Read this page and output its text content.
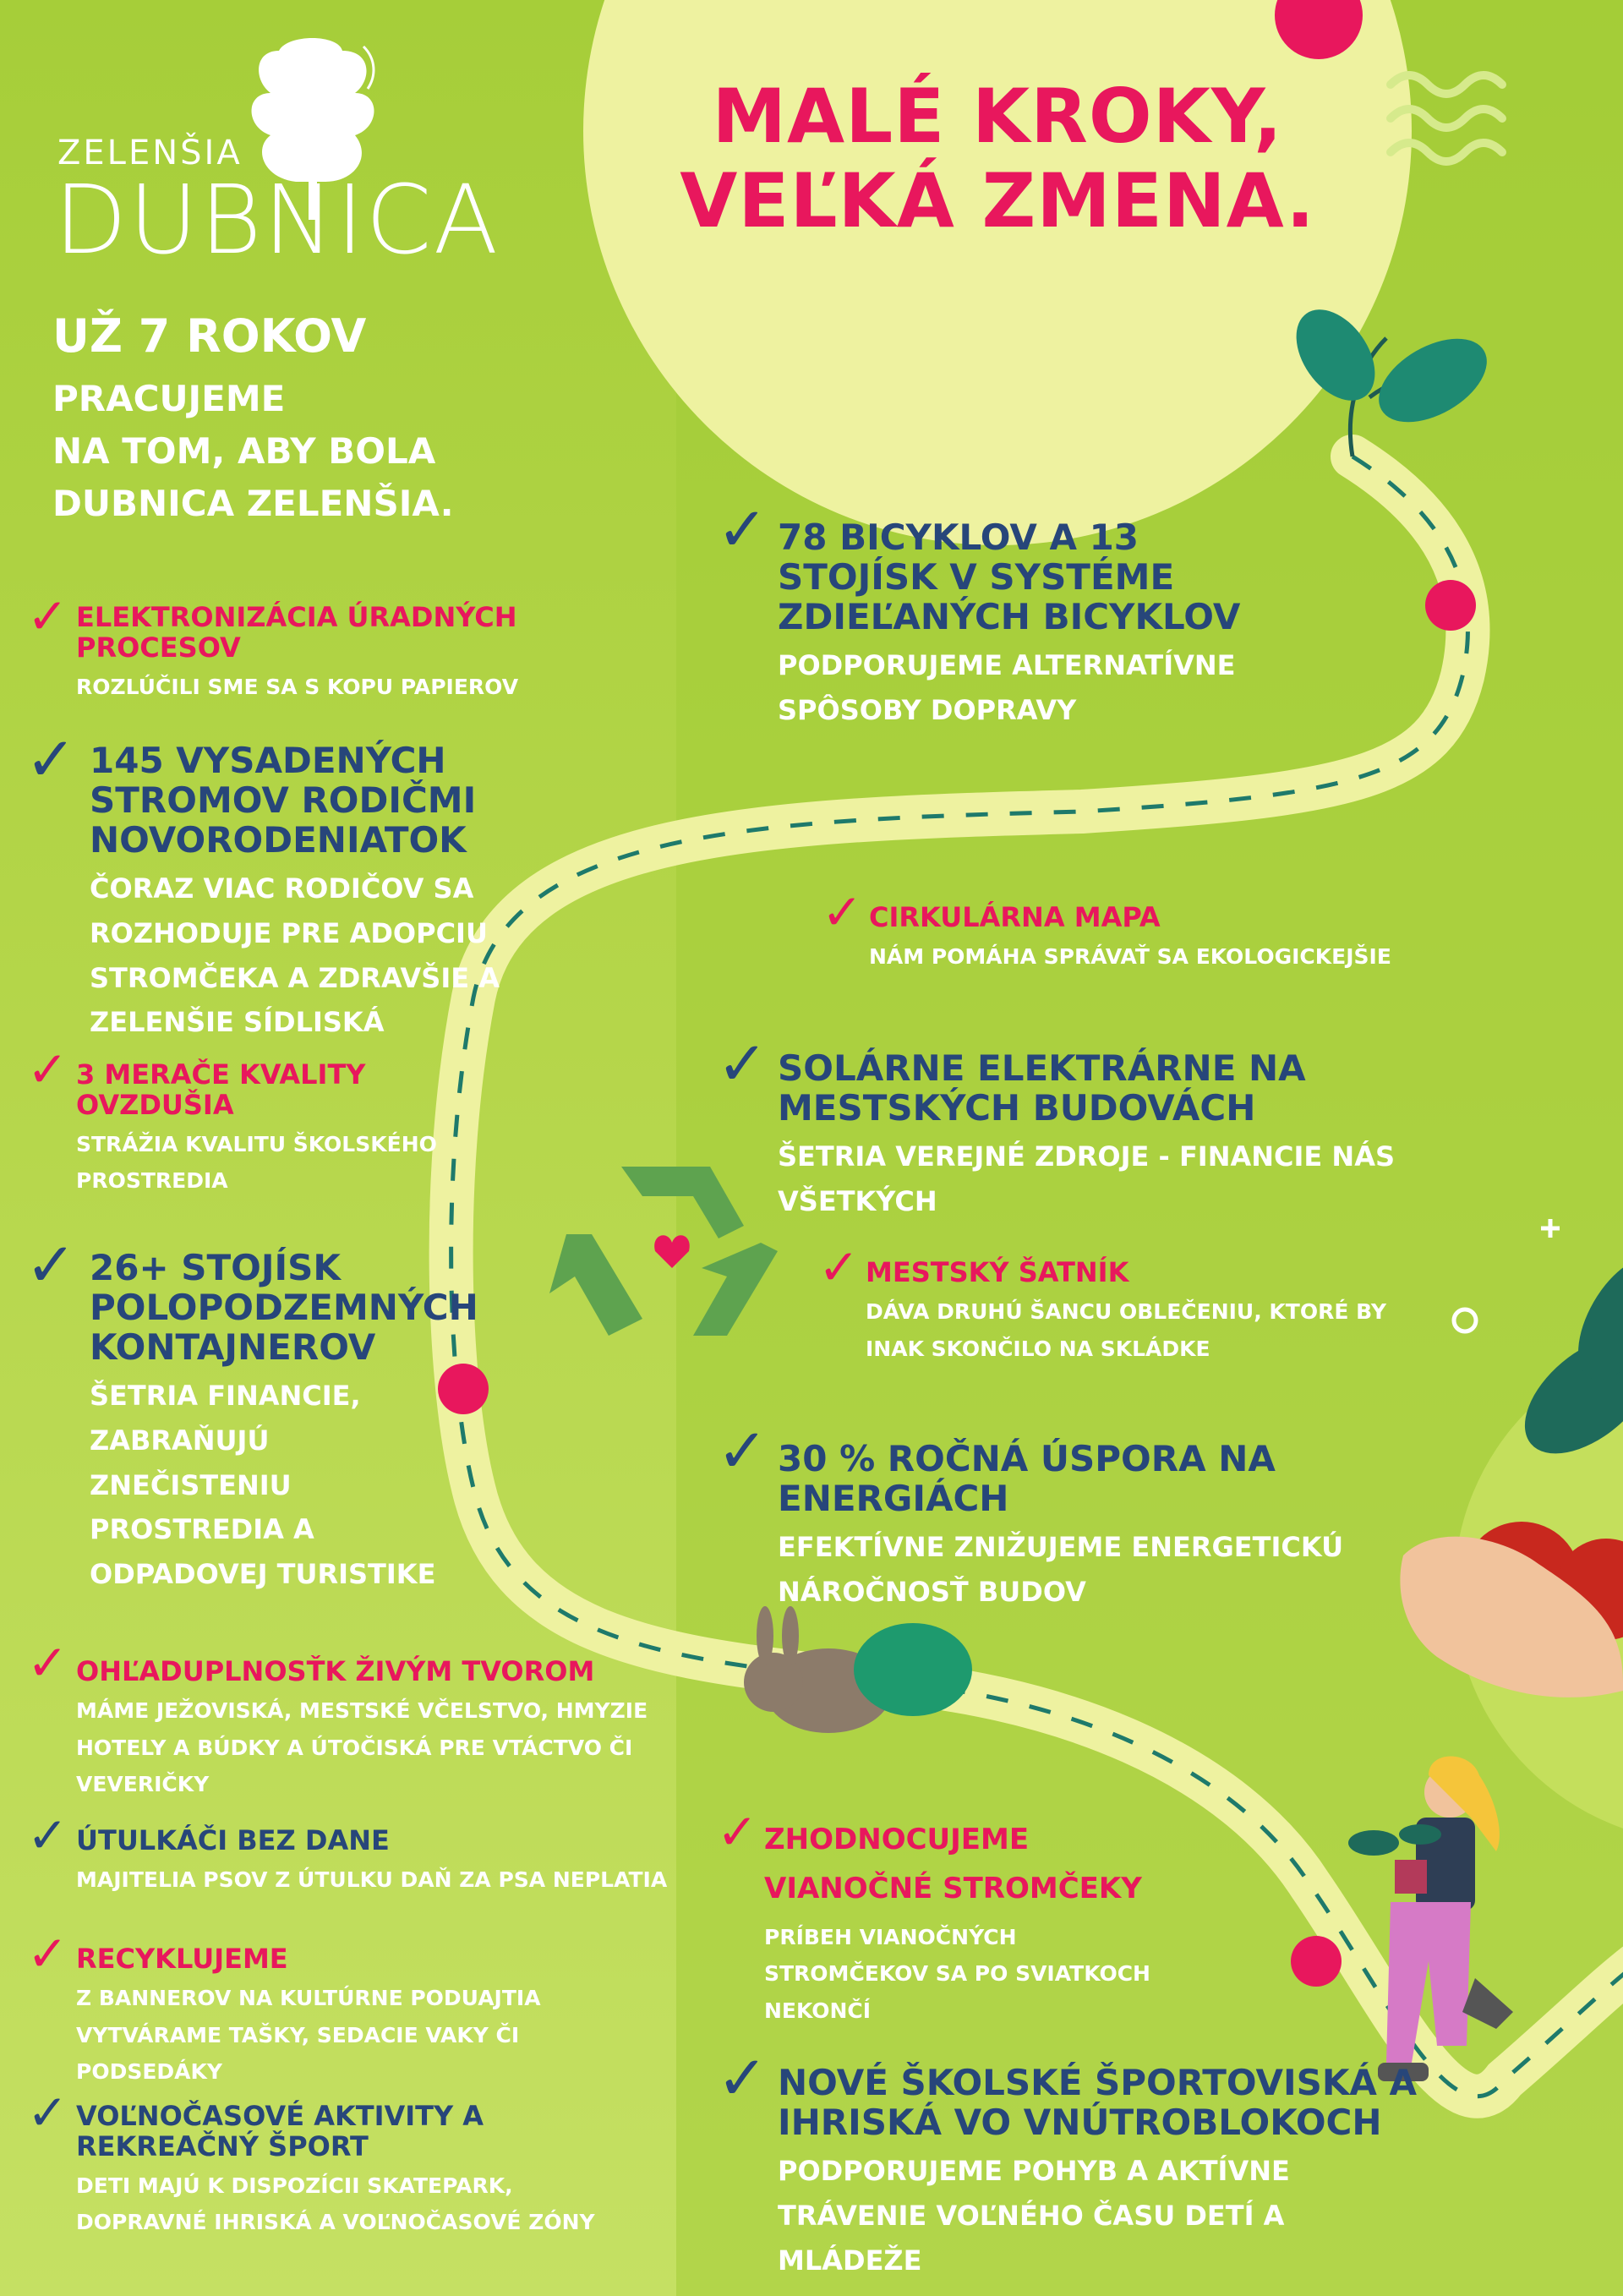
ZELENŠIA
DUBNICA
MALÉ KROKY,
VEĽKÁ ZMENA.
UŽ 7 ROKOV
PRACUJEME
NA TOM, ABY BOLA
DUBNICA ZELENŠIA.
✓ ELEKTRONIZÁCIA ÚRADNÝCH PROCESOV
ROZLÚČILI SME SA S KOPU PAPIEROV
✓ 145 VYSADENÝCH STROMOV RODIČMI NOVORODENIATOK
ČORAZ VIAC RODIČOV SA ROZHODUJE PRE ADOPCIU STROMČEKA A ZDRAVŠIE A ZELENŠIE SÍDLISKÁ
✓ 3 MERAČE KVALITY OVZDUŠIA
STRÁŽIA KVALITU ŠKOLSKÉHO PROSTREDIA
✓ 26+ STOJÍSK POLOPODZEMNÝCH KONTAJNEROV
ŠETRIA FINANCIE, ZABRAŇUJÚ ZNEČISTENIU PROSTREDIA A ODPADOVEJ TURISTIKE
✓ OHĽADUPLNOSŤK ŽIVÝM TVOROM
MÁME JEŽOVISKÁ, MESTSKÉ VČELSTVO, HMYZIE HOTELY A BÚDKY A ÚTOČISKÁ PRE VTÁCTVO ČI VEVERIČKY
✓ ÚTULKÁČI BEZ DANE
MAJITELIA PSOV Z ÚTULKU DAŇ ZA PSA NEPLATIA
✓ RECYKLUJEME
Z BANNEROV NA KULTÚRNE PODUAJTIA VYTVÁRAME TAŠKY, SEDACIE VAKY ČI PODSEDÁKY
✓ VOĽNOČASOVÉ AKTIVITY A REKREAČNÝ ŠPORT
DETI MAJÚ K DISPOZÍCII SKATEPARK, DOPRAVNÉ IHRISKÁ A VOĽNOČASOVÉ ZÓNY
✓ 78 BICYKLOV A 13 STOJÍSK V SYSTÉME ZDIEĽANÝCH BICYKLOV
PODPORUJEME ALTERNATÍVNE SPÔSOBY DOPRAVY
✓ CIRKULÁRNA MAPA
NÁM POMÁHA SPRÁVAŤ SA EKOLOGICKEJŠIE
✓ SOLÁRNE ELEKTRÁRNE NA MESTSKÝCH BUDOVÁCH
ŠETRIA VEREJNÉ ZDROJE - FINANCIE NÁS VŠETKÝCH
✓ MESTSKÝ ŠATNÍK
DÁVA DRUHÚ ŠANCU OBLEČENIU, KTORÉ BY INAK SKONČILO NA SKLÁDKE
✓ 30 % ROČNÁ ÚSPORA NA ENERGIÁCH
EFEKTÍVNE ZNIŽUJEME ENERGETICKÚ NÁROČNOSŤ BUDOV
✓ ZHODNOCUJEME VIANOČNÉ STROMČEKY
PRÍBEH VIANOČNÝCH STROMČEKOV SA PO SVIATKOCH NEKONČÍ
✓ NOVÉ ŠKOLSKÉ ŠPORTOVISKÁ A IHRISKÁ VO VNÚTROBLOKOCH
PODPORUJEME POHYB A AKTÍVNE TRÁVENIE VOĽNÉHO ČASU DETÍ A MLÁDEŽE
